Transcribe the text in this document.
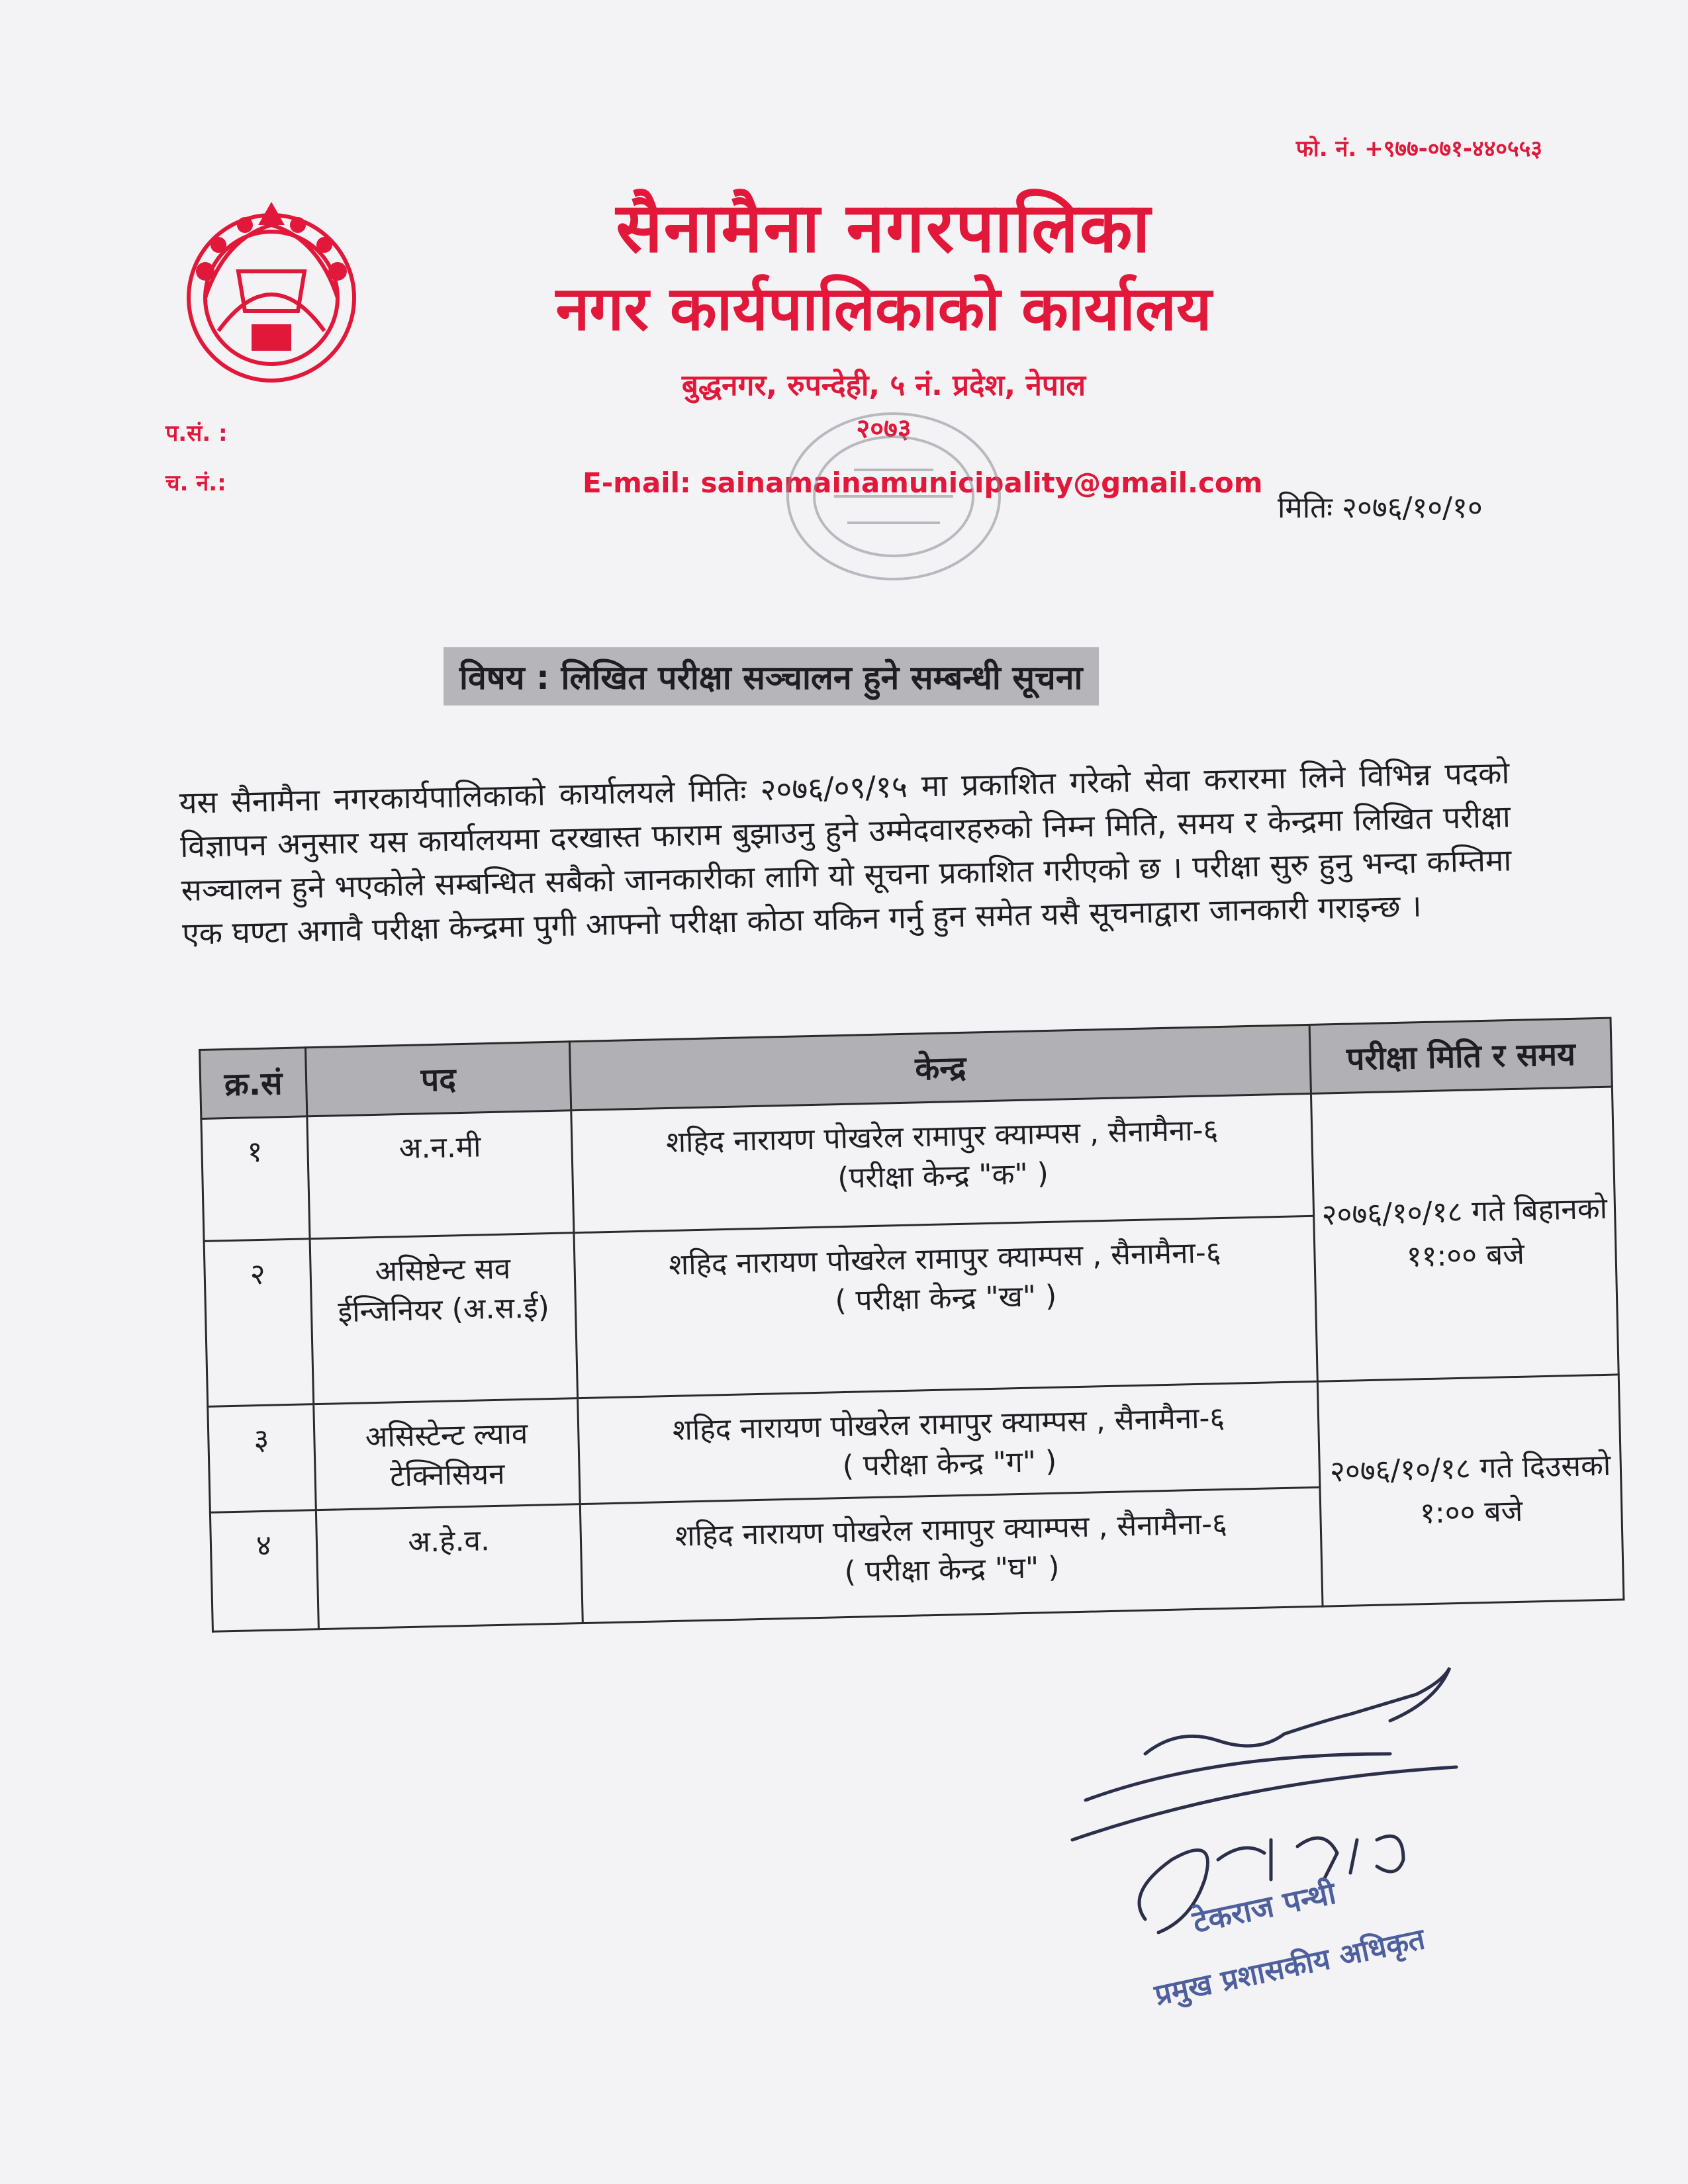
फो. नं. +९७७-०७१-४४०५५३
सैनामैना नगरपालिका
नगर कार्यपालिकाको कार्यालय
बुद्धनगर, रुपन्देही, ५ नं. प्रदेश, नेपाल
२०७३
E-mail: sainamainamunicipality@gmail.com
प.सं. :
च. नं.:
मितिः २०७६/१०/१०
विषय : लिखित परीक्षा सञ्चालन हुने सम्बन्धी सूचना
यस सैनामैना नगरकार्यपालिकाको कार्यालयले मितिः २०७६/०९/१५ मा प्रकाशित गरेको सेवा करारमा लिने विभिन्न पदको विज्ञापन अनुसार यस कार्यालयमा दरखास्त फाराम बुझाउनु हुने उम्मेदवारहरुको निम्न मिति, समय र केन्द्रमा लिखित परीक्षा सञ्चालन हुने भएकोले सम्बन्धित सबैको जानकारीका लागि यो सूचना प्रकाशित गरीएको छ । परीक्षा सुरु हुनु भन्दा कम्तिमा एक घण्टा अगावै परीक्षा केन्द्रमा पुगी आफ्नो परीक्षा कोठा यकिन गर्नु हुन समेत यसै सूचनाद्वारा जानकारी गराइन्छ ।
क्र.सं	पद	केन्द्र	परीक्षा मिति र समय
१	अ.न.मी	शहिद नारायण पोखरेल रामापुर क्याम्पस , सैनामैना-६
(परीक्षा केन्द्र "क" )	२०७६/१०/१८ गते बिहानको ११:०० बजे
२	असिष्टेन्ट सव ईन्जिनियर (अ.स.ई)	शहिद नारायण पोखरेल रामापुर क्याम्पस , सैनामैना-६
( परीक्षा केन्द्र "ख" )	

३	असिस्टेन्ट ल्याव टेक्निसियन	शहिद नारायण पोखरेल रामापुर क्याम्पस , सैनामैना-६
( परीक्षा केन्द्र "ग" )	२०७६/१०/१८ गते दिउसको १:०० बजे
४	अ.हे.व.	शहिद नारायण पोखरेल रामापुर क्याम्पस , सैनामैना-६
( परीक्षा केन्द्र "घ" )	
टेकराज पन्थी
प्रमुख प्रशासकीय अधिकृत
